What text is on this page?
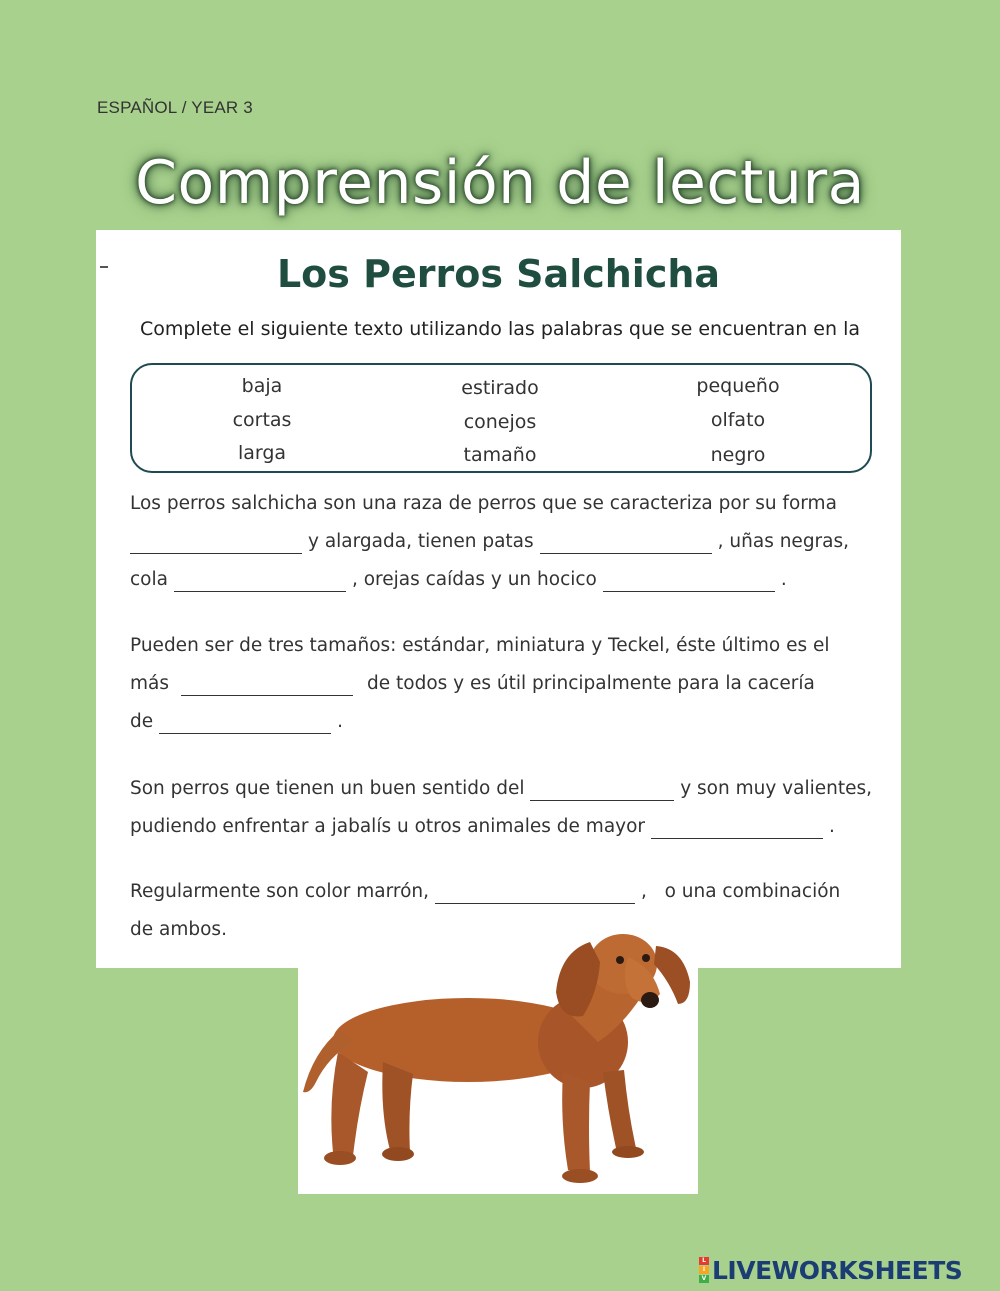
ESPAÑOL / YEAR 3
Comprensión de lectura
Los Perros Salchicha
Complete el siguiente texto utilizando las palabras que se encuentran en la
baja	estirado	pequeño
cortas	conejos	olfato
larga	tamaño	negro
Los perros salchicha son una raza de perros que se caracteriza por su forma
y alargada, tienen patas	, uñas negras,
cola	, orejas caídas y un hocico	.
Pueden ser de tres tamaños: estándar, miniatura y Teckel, éste último es el
más	de todos y es útil principalmente para la cacería
de	.
Son perros que tienen un buen sentido del	y son muy valientes,
pudiendo enfrentar a jabalís u otros animales de mayor	.
Regularmente son color marrón,	,   o una combinación
de ambos.
L
I
V LIVEWORKSHEETS
